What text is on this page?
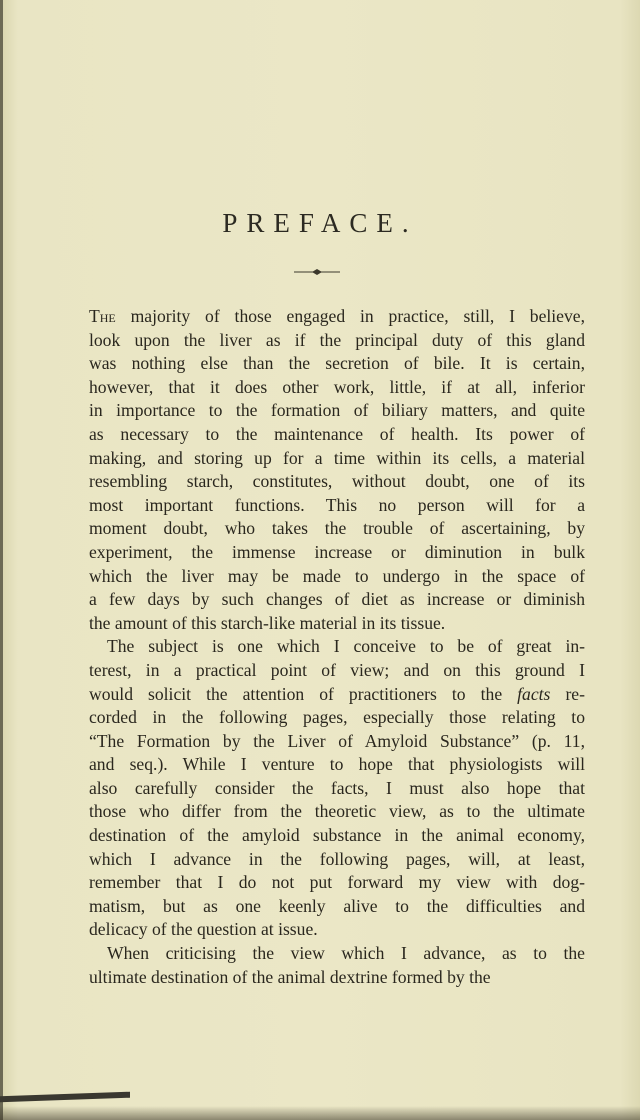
PREFACE.
The majority of those engaged in practice, still, I believe,
look upon the liver as if the principal duty of this gland
was nothing else than the secretion of bile. It is certain,
however, that it does other work, little, if at all, inferior
in importance to the formation of biliary matters, and quite
as necessary to the maintenance of health. Its power of
making, and storing up for a time within its cells, a material
resembling starch, constitutes, without doubt, one of its
most important functions. This no person will for a
moment doubt, who takes the trouble of ascertaining, by
experiment, the immense increase or diminution in bulk
which the liver may be made to undergo in the space of
a few days by such changes of diet as increase or diminish
the amount of this starch-like material in its tissue.
The subject is one which I conceive to be of great in-
terest, in a practical point of view; and on this ground I
would solicit the attention of practitioners to the facts re-
corded in the following pages, especially those relating to
“The Formation by the Liver of Amyloid Substance” (p. 11,
and seq.). While I venture to hope that physiologists will
also carefully consider the facts, I must also hope that
those who differ from the theoretic view, as to the ultimate
destination of the amyloid substance in the animal economy,
which I advance in the following pages, will, at least,
remember that I do not put forward my view with dog-
matism, but as one keenly alive to the difficulties and
delicacy of the question at issue.
When criticising the view which I advance, as to the
ultimate destination of the animal dextrine formed by the
